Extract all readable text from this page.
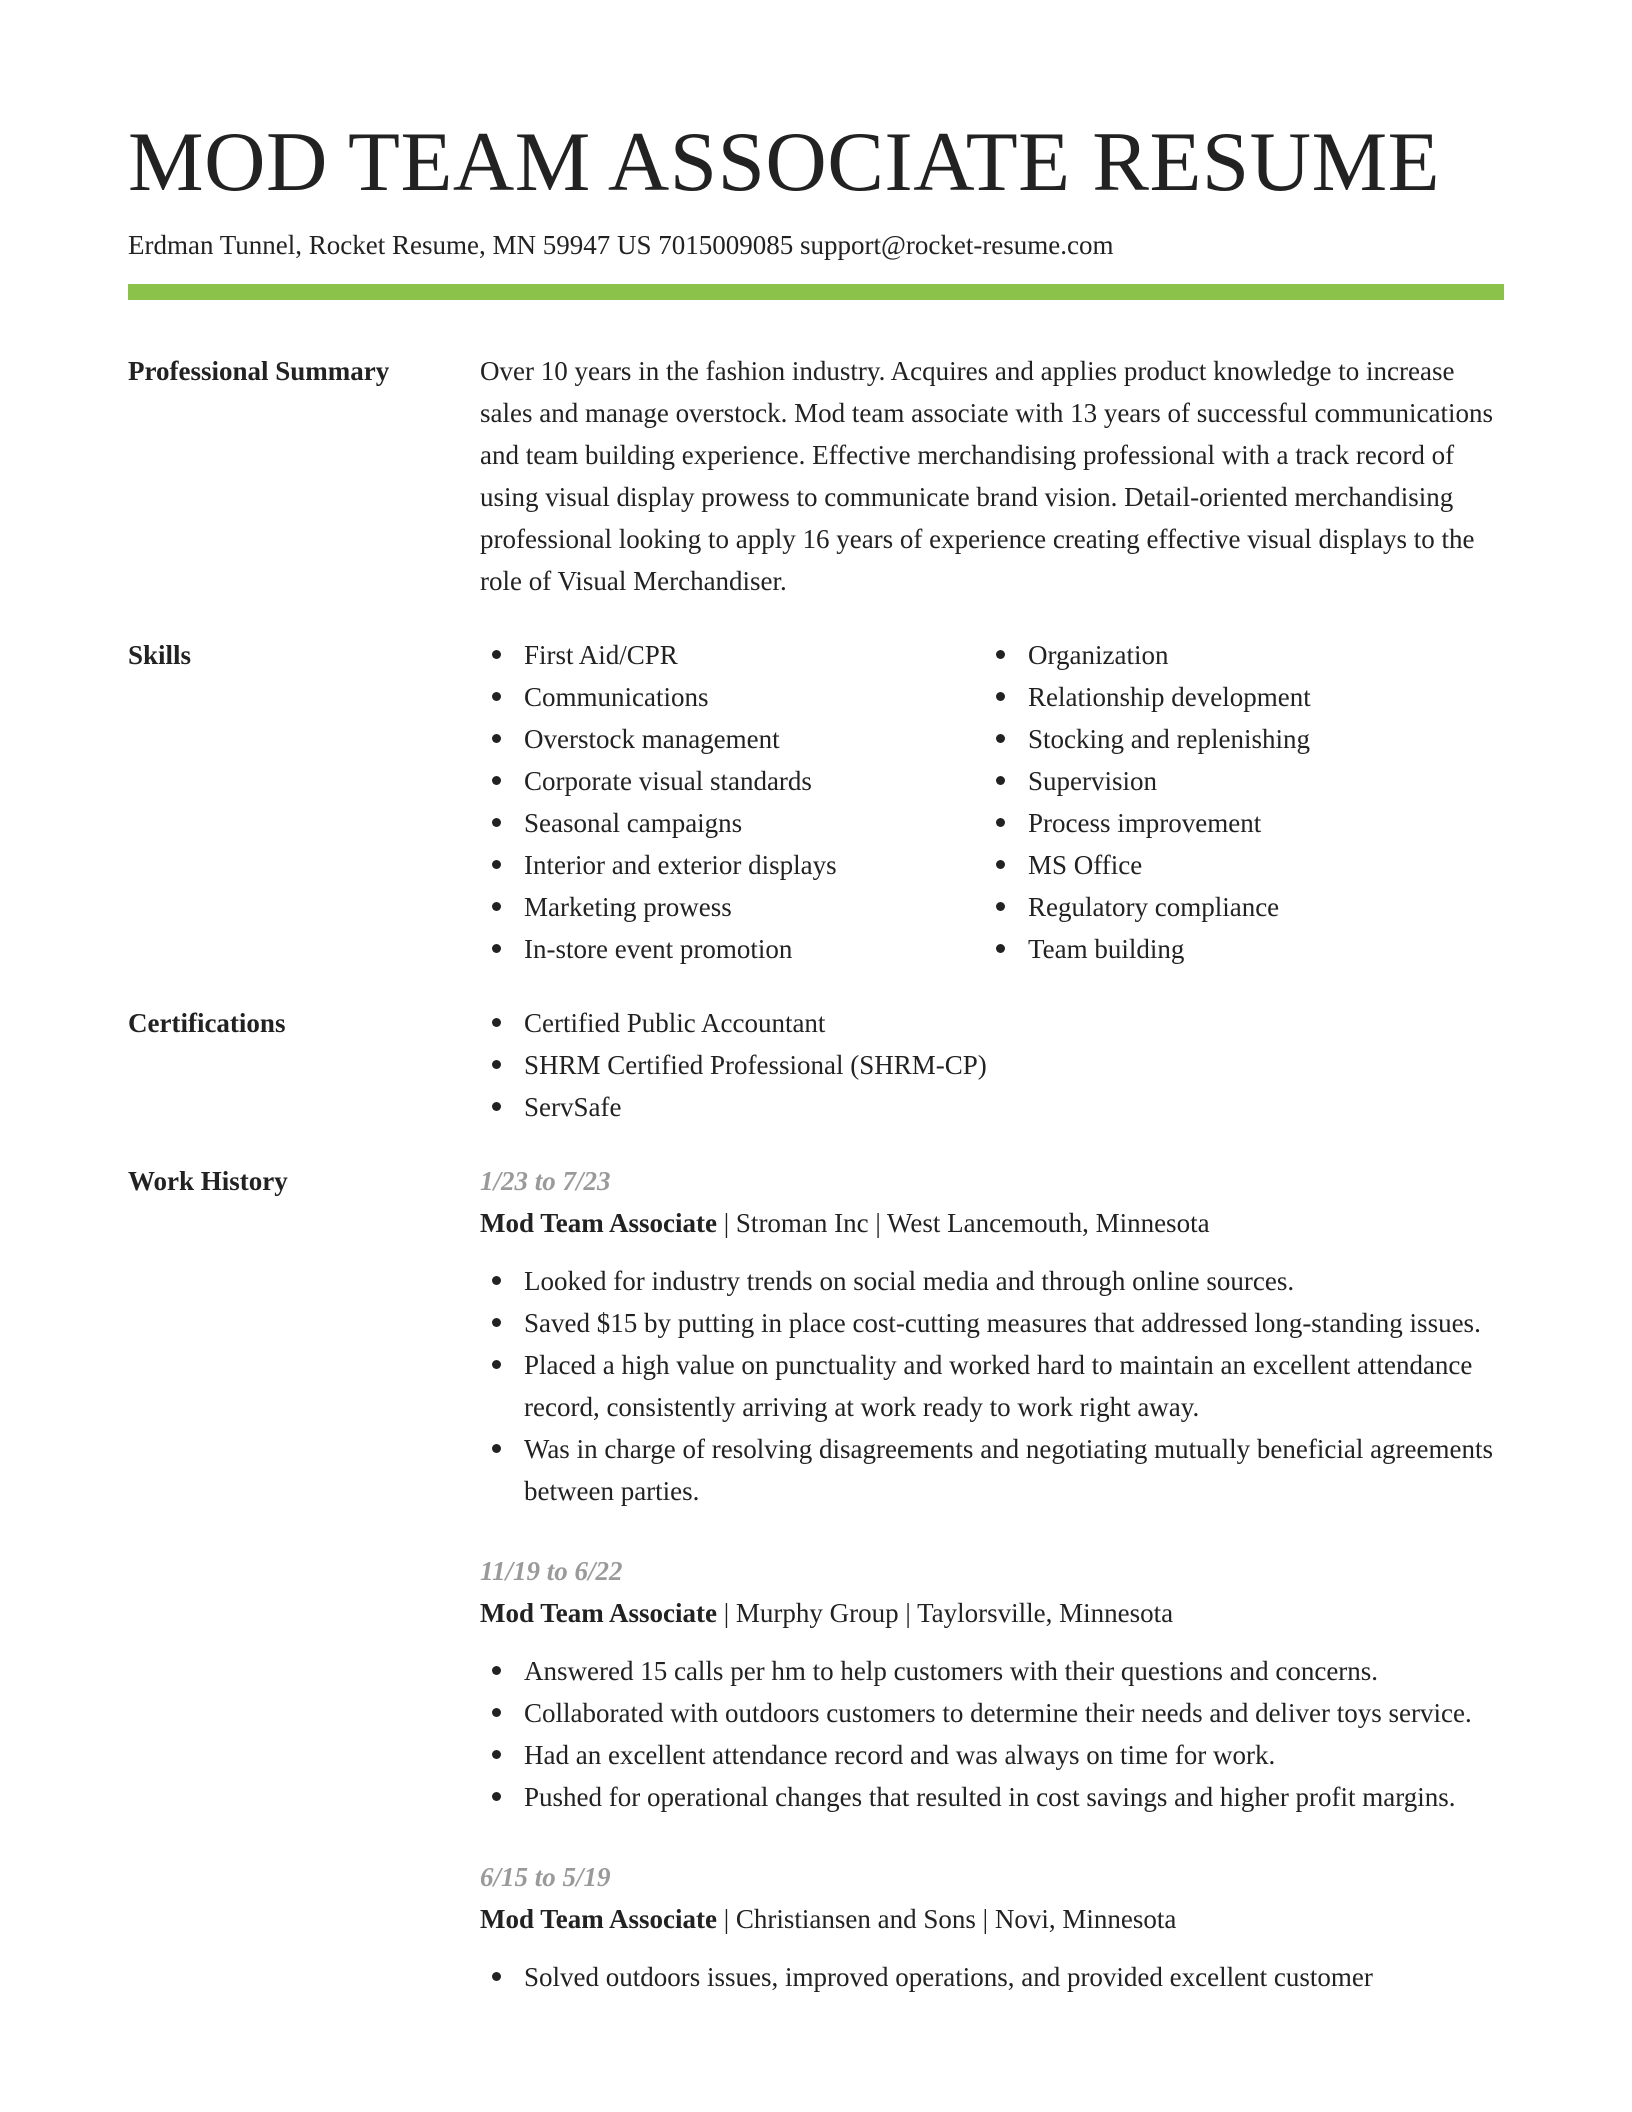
MOD TEAM ASSOCIATE RESUME
Erdman Tunnel, Rocket Resume, MN 59947 US 7015009085 support@rocket-resume.com
Professional Summary	Over 10 years in the fashion industry. Acquires and applies product knowledge to increase sales and manage overstock. Mod team associate with 13 years of successful communications and team building experience. Effective merchandising professional with a track record of using visual display prowess to communicate brand vision. Detail-oriented merchandising professional looking to apply 16 years of experience creating effective visual displays to the role of Visual Merchandiser.
Skills	First Aid/CPR
Communications
Overstock management
Corporate visual standards
Seasonal campaigns
Interior and exterior displays
Marketing prowess
In-store event promotion
Organization
Relationship development
Stocking and replenishing
Supervision
Process improvement
MS Office
Regulatory compliance
Team building
Certifications	Certified Public Accountant
SHRM Certified Professional (SHRM-CP)
ServSafe
Work History	1/23 to 7/23
Mod Team Associate | Stroman Inc | West Lancemouth, Minnesota
Looked for industry trends on social media and through online sources.
Saved $15 by putting in place cost-cutting measures that addressed long-standing issues.
Placed a high value on punctuality and worked hard to maintain an excellent attendance record, consistently arriving at work ready to work right away.
Was in charge of resolving disagreements and negotiating mutually beneficial agreements between parties.
11/19 to 6/22
Mod Team Associate | Murphy Group | Taylorsville, Minnesota
Answered 15 calls per hm to help customers with their questions and concerns.
Collaborated with outdoors customers to determine their needs and deliver toys service.
Had an excellent attendance record and was always on time for work.
Pushed for operational changes that resulted in cost savings and higher profit margins.
6/15 to 5/19
Mod Team Associate | Christiansen and Sons | Novi, Minnesota
Solved outdoors issues, improved operations, and provided excellent customer
